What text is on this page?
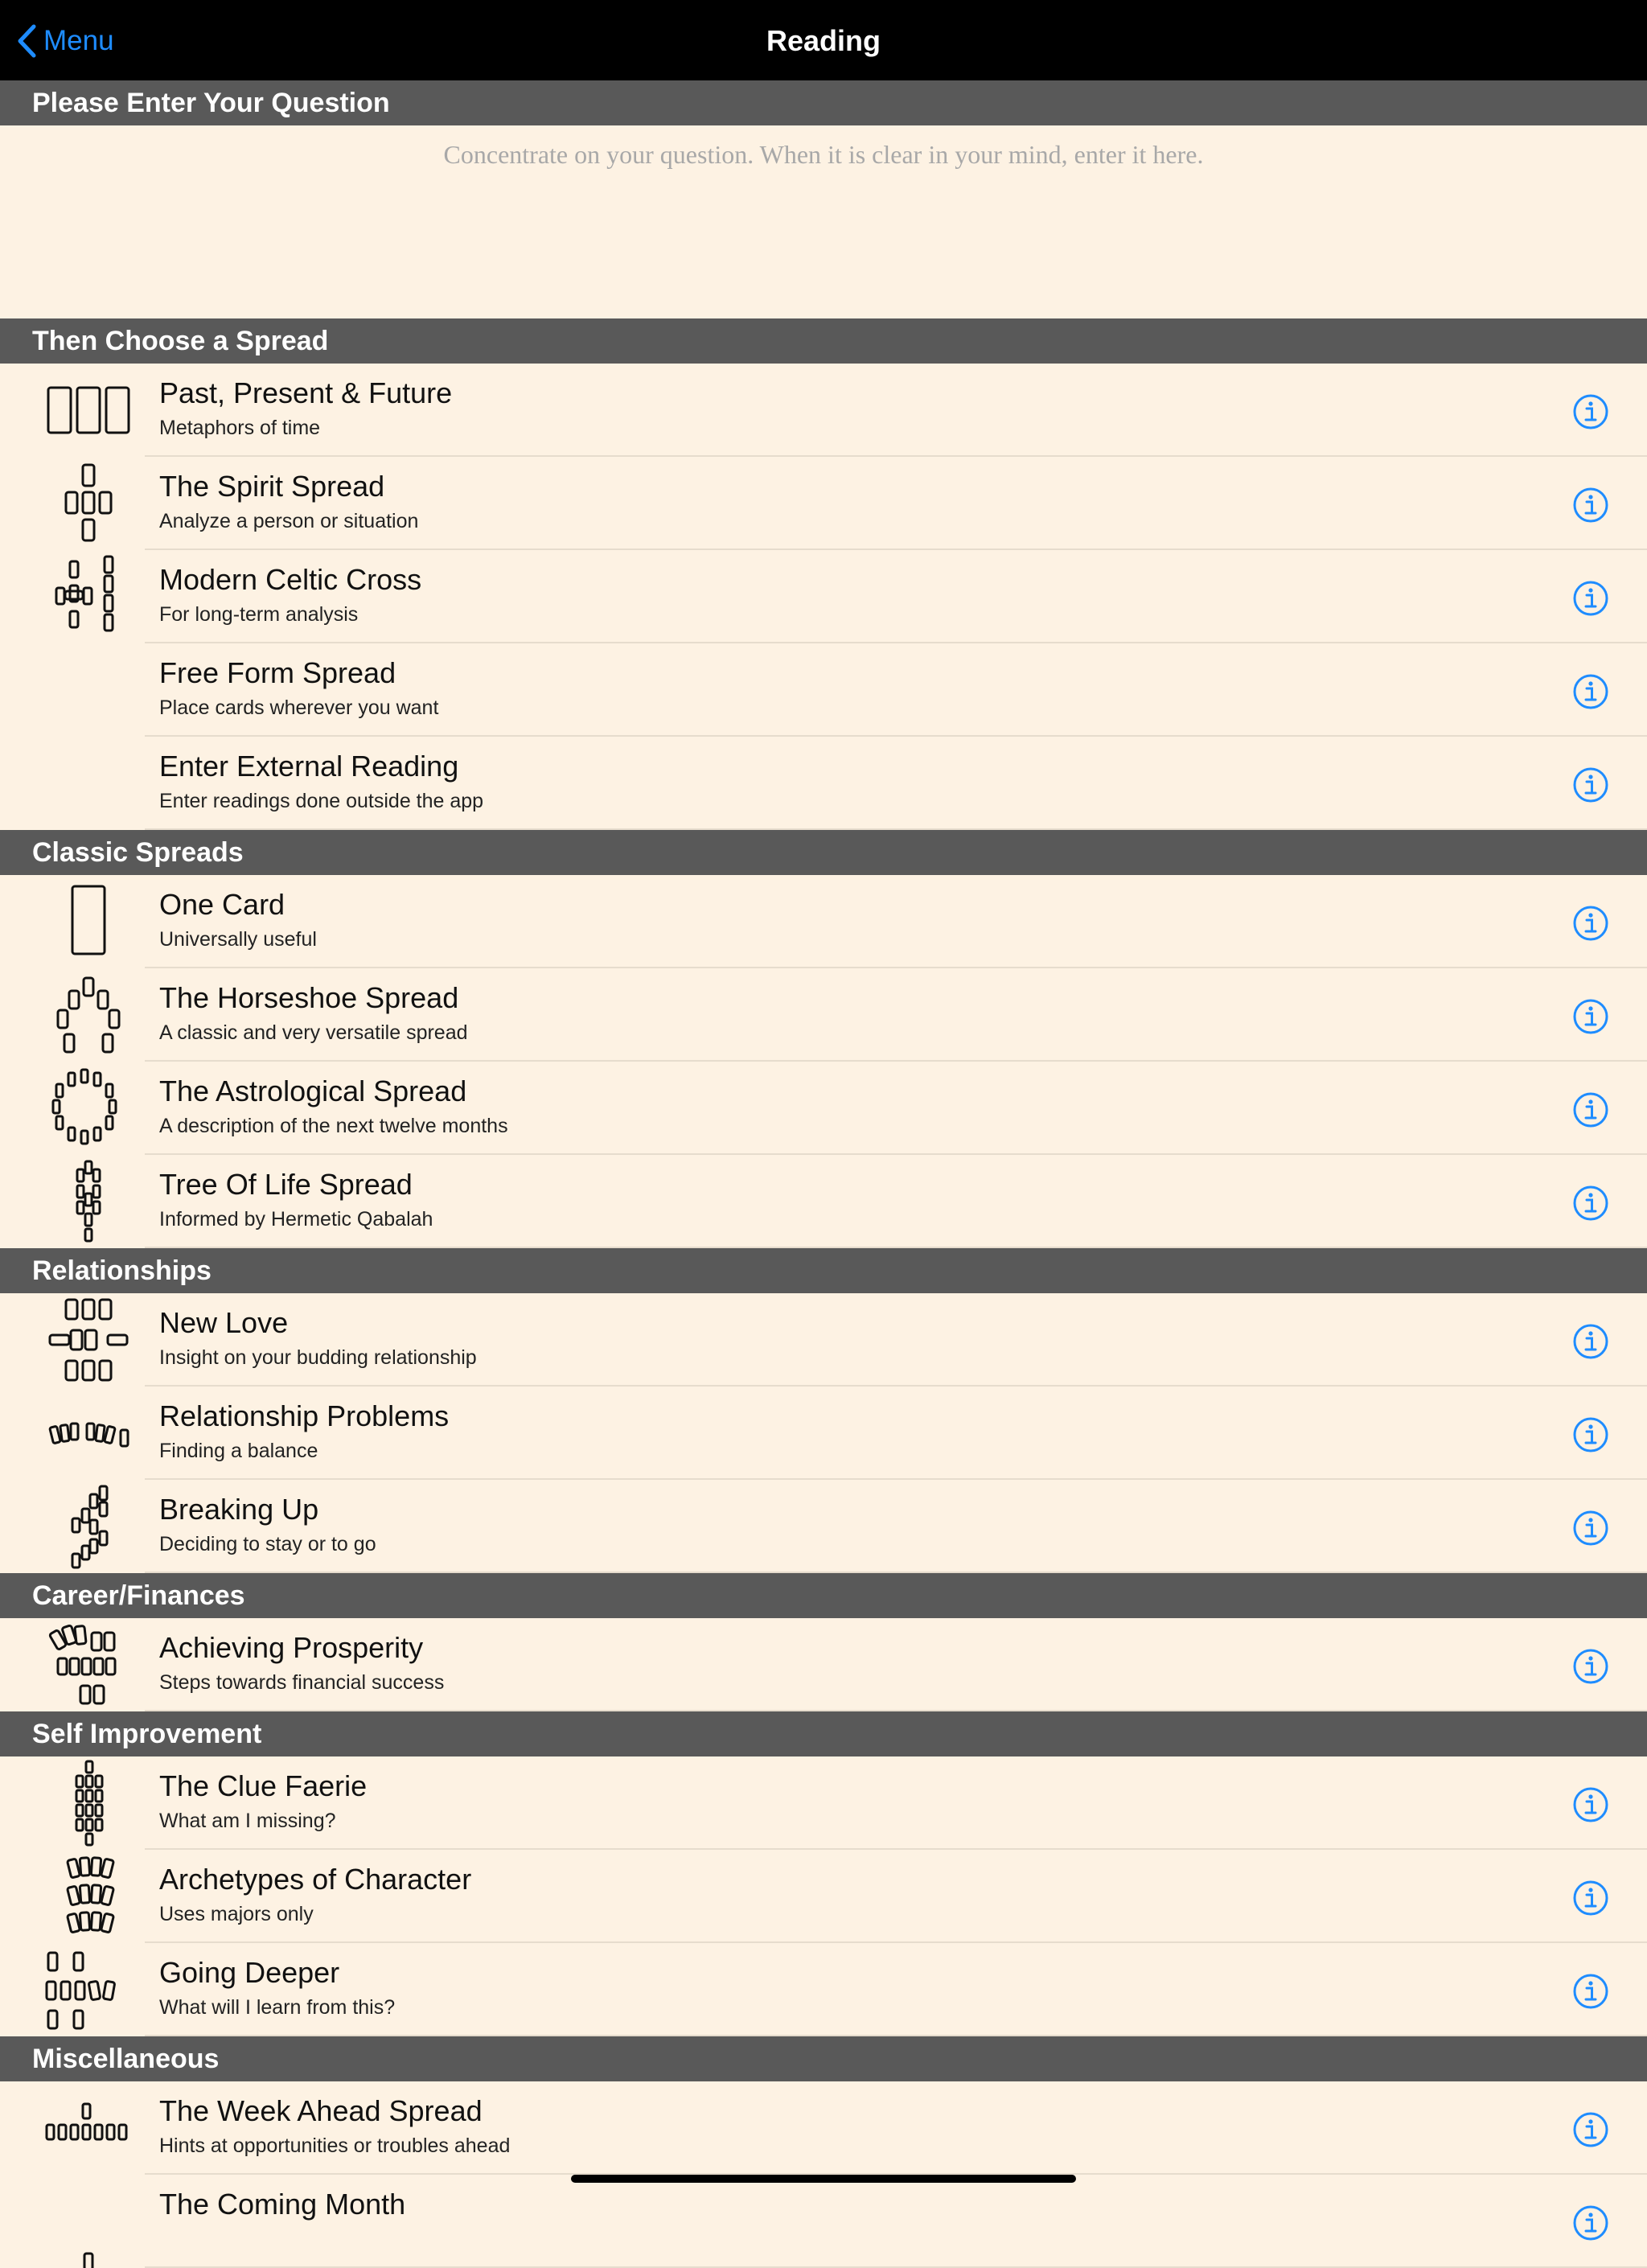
Menu	Reading
Please Enter Your Question
Concentrate on your question. When it is clear in your mind, enter it here.
Then Choose a Spread
Past, Present & Future
Metaphors of time
The Spirit Spread
Analyze a person or situation
Modern Celtic Cross
For long-term analysis
Free Form Spread
Place cards wherever you want
Enter External Reading
Enter readings done outside the app
Classic Spreads
One Card
Universally useful
The Horseshoe Spread
A classic and very versatile spread
The Astrological Spread
A description of the next twelve months
Tree Of Life Spread
Informed by Hermetic Qabalah
Relationships
New Love
Insight on your budding relationship
Relationship Problems
Finding a balance
Breaking Up
Deciding to stay or to go
Career/Finances
Achieving Prosperity
Steps towards financial success
Self Improvement
The Clue Faerie
What am I missing?
Archetypes of Character
Uses majors only
Going Deeper
What will I learn from this?
Miscellaneous
The Week Ahead Spread
Hints at opportunities or troubles ahead
The Coming Month
